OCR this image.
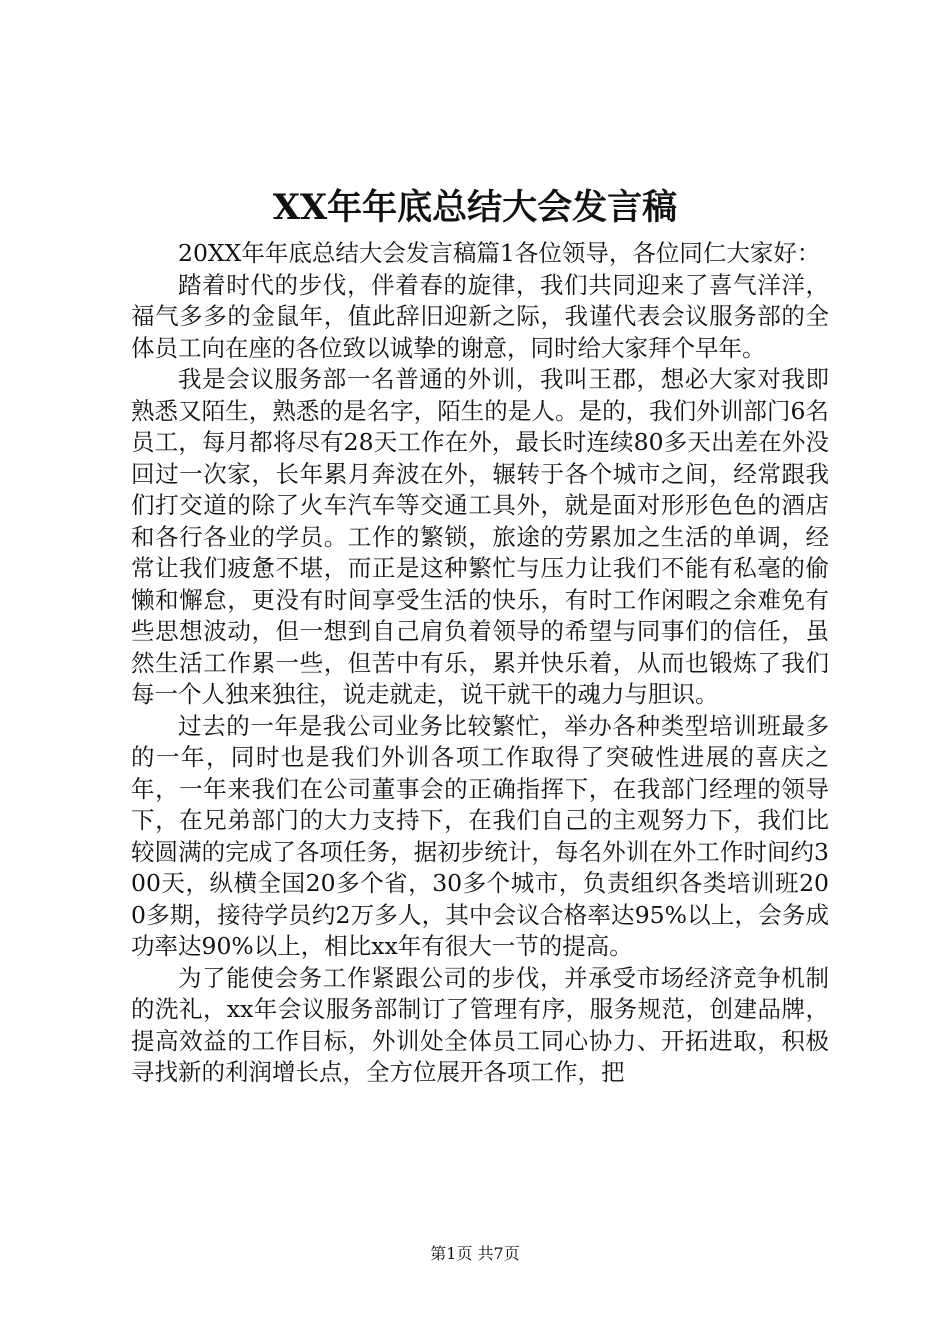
XX年年底总结大会发言稿

20XX年年底总结大会发言稿篇1各位领导，各位同仁大家好：

踏着时代的步伐，伴着春的旋律，我们共同迎来了喜气洋洋，福气多多的金鼠年，值此辞旧迎新之际，我谨代表会议服务部的全体员工向在座的各位致以诚挚的谢意，同时给大家拜个早年。

我是会议服务部一名普通的外训，我叫王郡，想必大家对我即熟悉又陌生，熟悉的是名字，陌生的是人。是的，我们外训部门6名员工，每月都将尽有28天工作在外，最长时连续80多天出差在外没回过一次家，长年累月奔波在外，辗转于各个城市之间，经常跟我们打交道的除了火车汽车等交通工具外，就是面对形形色色的酒店和各行各业的学员。工作的繁锁，旅途的劳累加之生活的单调，经常让我们疲惫不堪，而正是这种繁忙与压力让我们不能有私毫的偷懒和懈怠，更没有时间享受生活的快乐，有时工作闲暇之余难免有些思想波动，但一想到自己肩负着领导的希望与同事们的信任，虽然生活工作累一些，但苦中有乐，累并快乐着，从而也锻炼了我们每一个人独来独往，说走就走，说干就干的魂力与胆识。

过去的一年是我公司业务比较繁忙，举办各种类型培训班最多的一年，同时也是我们外训各项工作取得了突破性进展的喜庆之年，一年来我们在公司董事会的正确指挥下，在我部门经理的领导下，在兄弟部门的大力支持下，在我们自己的主观努力下，我们比较圆满的完成了各项任务，据初步统计，每名外训在外工作时间约300天，纵横全国20多个省，30多个城市，负责组织各类培训班200多期，接待学员约2万多人，其中会议合格率达95%以上，会务成功率达90%以上，相比xx年有很大一节的提高。

为了能使会务工作紧跟公司的步伐，并承受市场经济竞争机制的洗礼，xx年会议服务部制订了管理有序，服务规范，创建品牌，提高效益的工作目标，外训处全体员工同心协力、开拓进取，积极寻找新的利润增长点，全方位展开各项工作，把

第1页 共7页
